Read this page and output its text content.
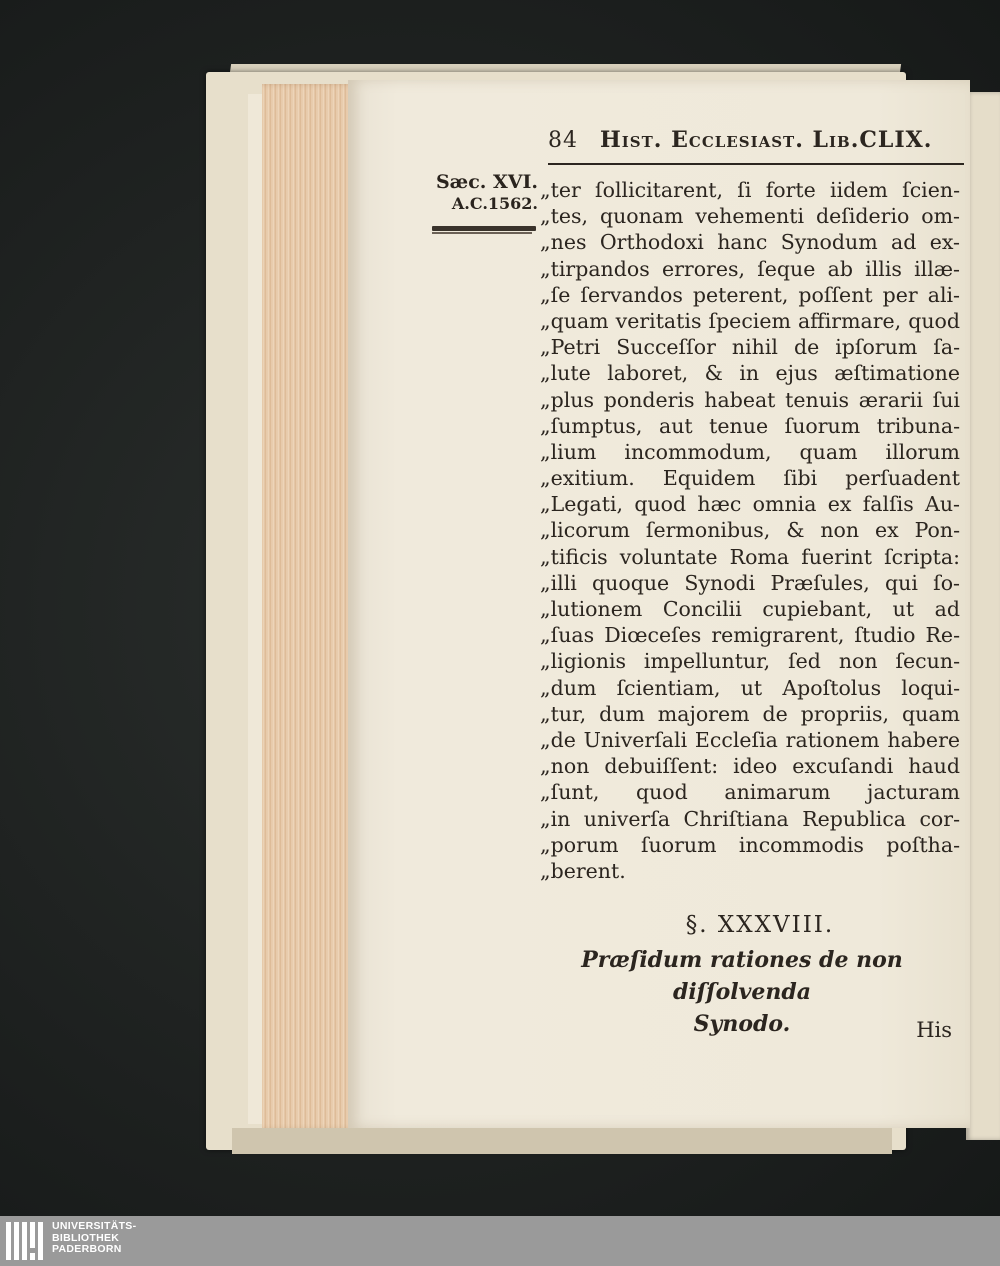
84 Hist. Ecclesiast. Lib.CLIX.
Sæc. XVI.
A.C.1562.
„ter ſollicitarent, ſi forte iidem ſcien-
„tes, quonam vehementi deſiderio om-
„nes Orthodoxi hanc Synodum ad ex-
„tirpandos errores, ſeque ab illis illæ-
„ſe ſervandos peterent, poſſent per ali-
„quam veritatis ſpeciem affirmare, quod
„Petri Succeſſor nihil de ipſorum ſa-
„lute laboret, & in ejus æſtimatione
„plus ponderis habeat tenuis ærarii ſui
„ſumptus, aut tenue ſuorum tribuna-
„lium incommodum, quam illorum
„exitium. Equidem ſibi perſuadent
„Legati, quod hæc omnia ex falſis Au-
„licorum ſermonibus, & non ex Pon-
„tificis voluntate Roma fuerint ſcripta:
„illi quoque Synodi Præſules, qui ſo-
„lutionem Concilii cupiebant, ut ad
„ſuas Diœceſes remigrarent, ſtudio Re-
„ligionis impelluntur, ſed non ſecun-
„dum ſcientiam, ut Apoſtolus loqui-
„tur, dum majorem de propriis, quam
„de Univerſali Eccleſia rationem habere
„non debuiſſent: ideo excuſandi haud
„ſunt, quod animarum jacturam
„in univerſa Chriſtiana Republica cor-
„porum ſuorum incommodis poſtha-
„berent.
§. XXXVIII.
Præſidum rationes de non diſſolvenda
Synodo.	His
UNIVERSITÄTS-
BIBLIOTHEK
PADERBORN
